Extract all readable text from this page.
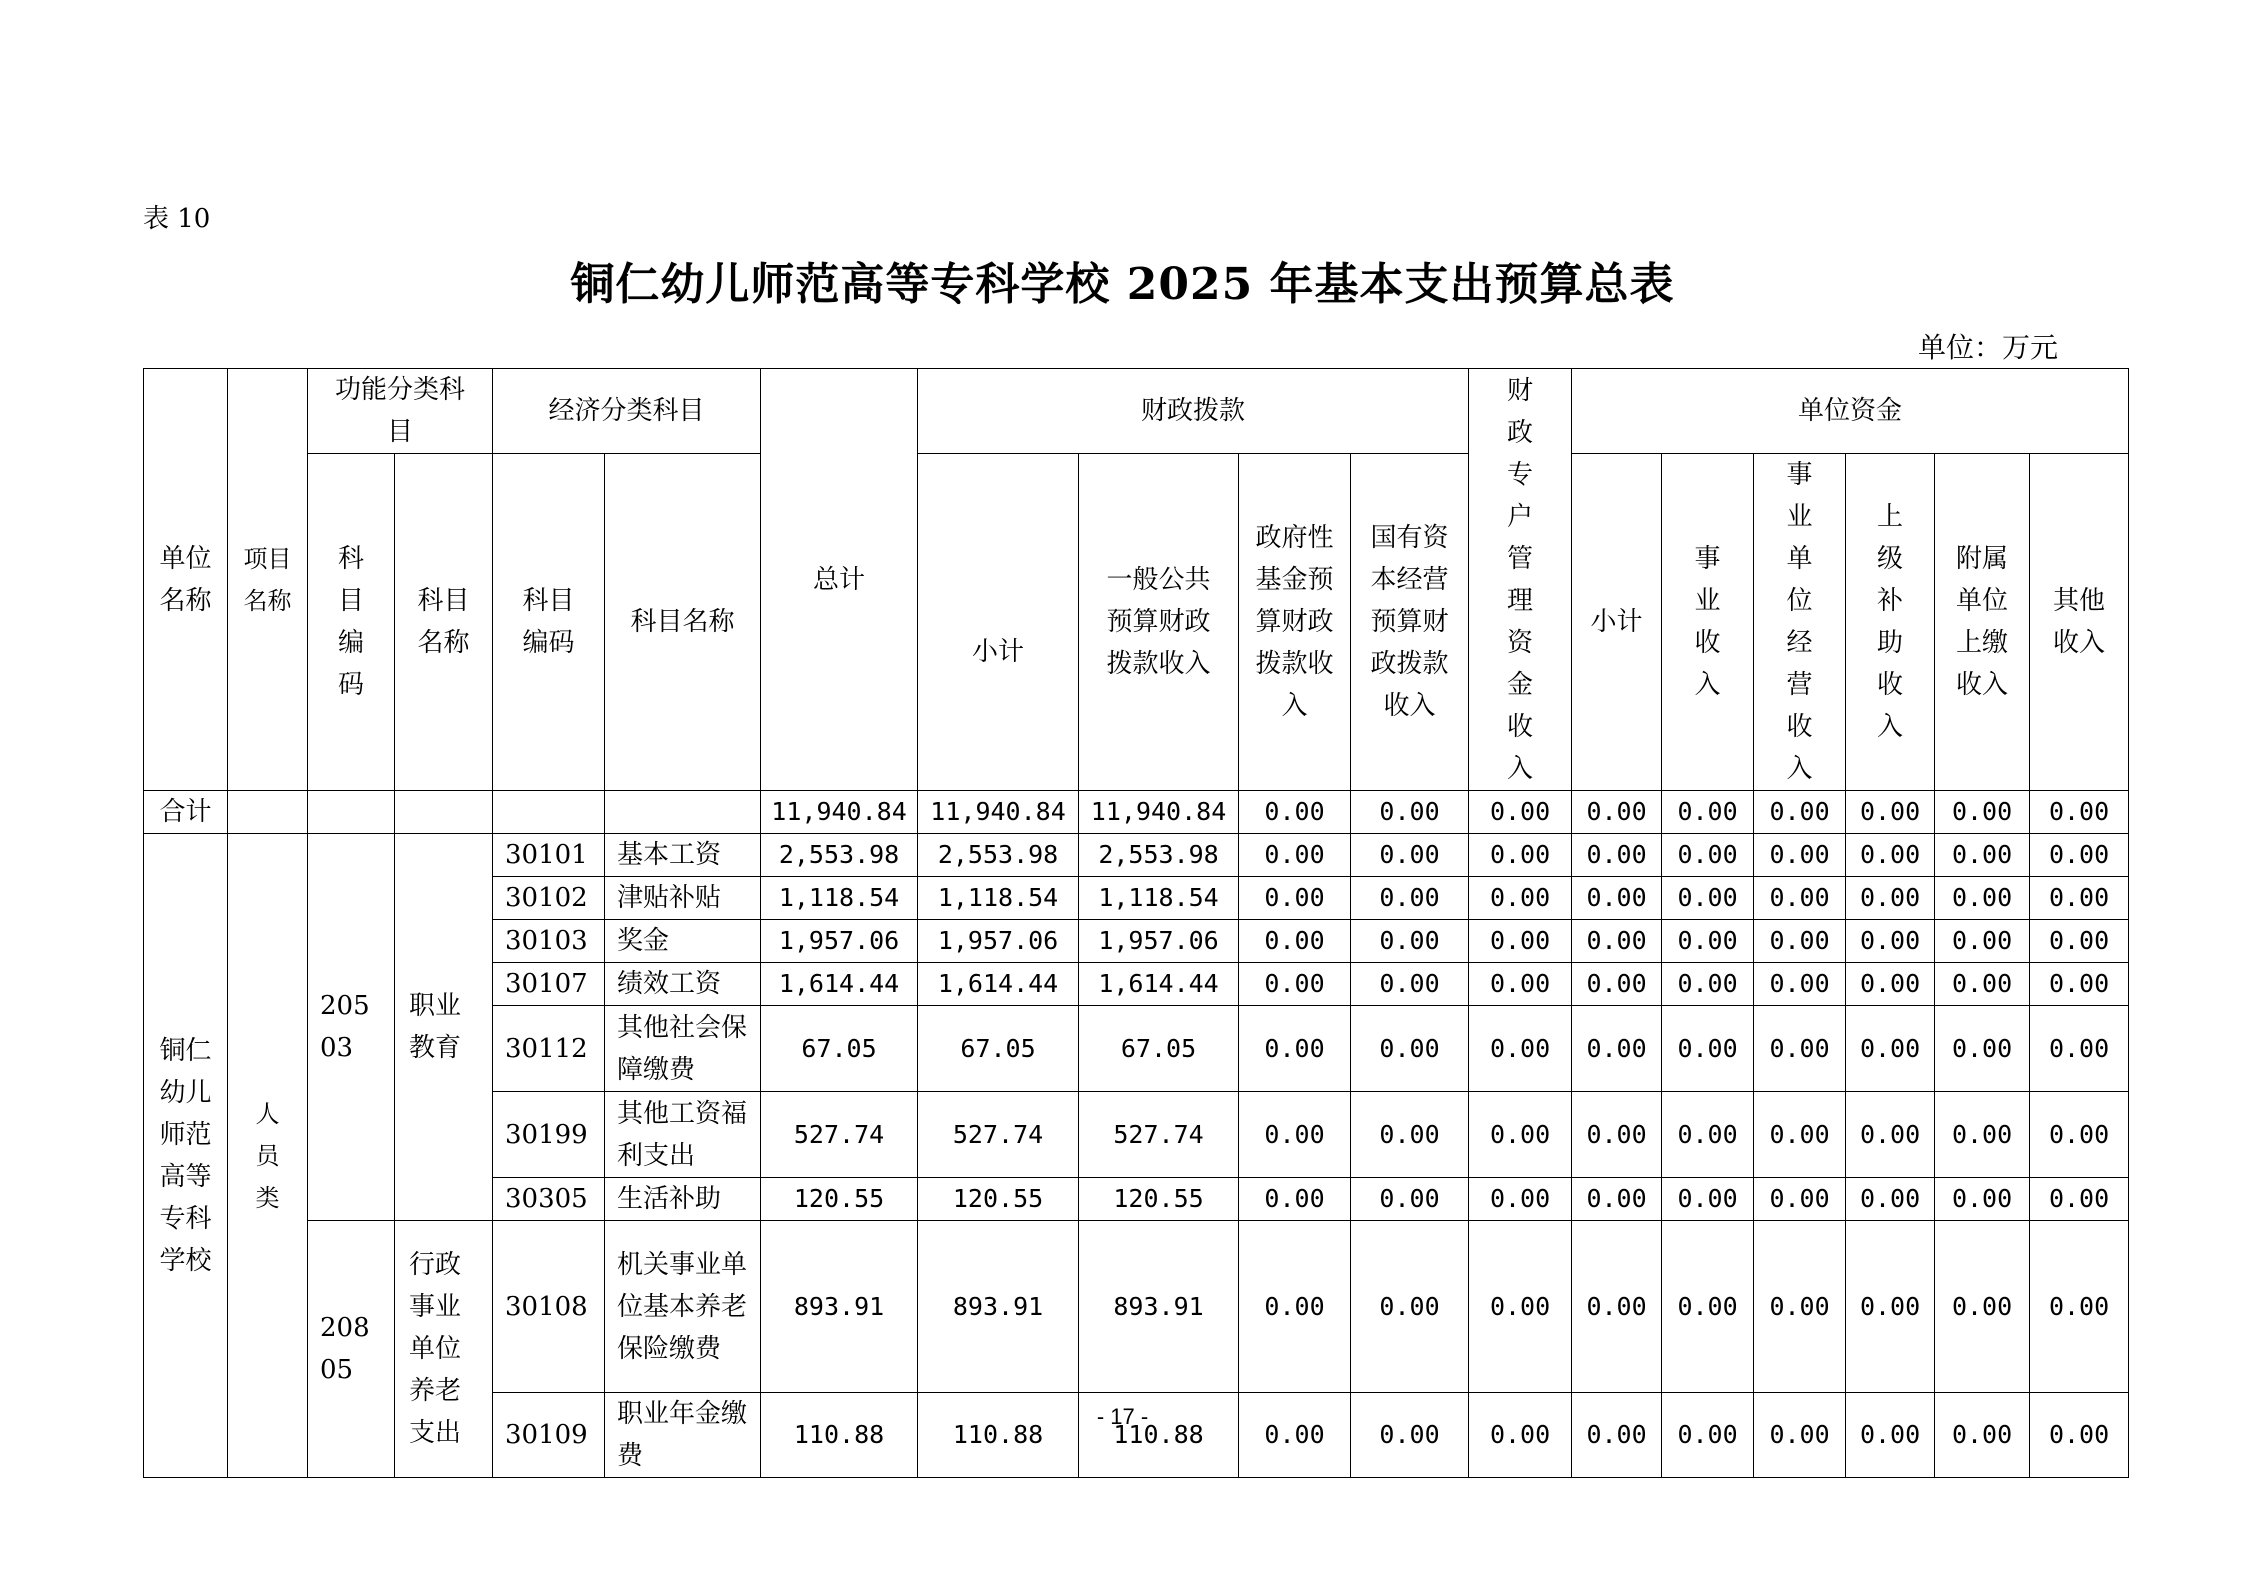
表 10
铜仁幼儿师范高等专科学校 2025 年基本支出预算总表
单位：万元
单位名称	项目名称	功能分类科目		经济分类科目		总计	财政拨款				财政专户管理资金收入	单位资金					
		科目编码	科目名称	科目编码	科目名称		小计	一般公共预算财政拨款收入	政府性基金预算财政拨款收入	国有资本经营预算财政拨款收入		小计	事业收入	事业单位经营收入	上级补助收入	附属单位上缴收入	其他收入
合计						11,940.84	11,940.84	11,940.84	0.00	0.00	0.00	0.00	0.00	0.00	0.00	0.00	0.00
铜仁幼儿师范高等专科学校	人员类	20503	职业教育	30101	基本工资	2,553.98	2,553.98	2,553.98	0.00	0.00	0.00	0.00	0.00	0.00	0.00	0.00	0.00
				30102	津贴补贴	1,118.54	1,118.54	1,118.54	0.00	0.00	0.00	0.00	0.00	0.00	0.00	0.00	0.00
				30103	奖金	1,957.06	1,957.06	1,957.06	0.00	0.00	0.00	0.00	0.00	0.00	0.00	0.00	0.00
				30107	绩效工资	1,614.44	1,614.44	1,614.44	0.00	0.00	0.00	0.00	0.00	0.00	0.00	0.00	0.00
				30112	其他社会保障缴费	67.05	67.05	67.05	0.00	0.00	0.00	0.00	0.00	0.00	0.00	0.00	0.00
				30199	其他工资福利支出	527.74	527.74	527.74	0.00	0.00	0.00	0.00	0.00	0.00	0.00	0.00	0.00
				30305	生活补助	120.55	120.55	120.55	0.00	0.00	0.00	0.00	0.00	0.00	0.00	0.00	0.00
		20805	行政事业单位养老支出	30108	机关事业单位基本养老保险缴费	893.91	893.91	893.91	0.00	0.00	0.00	0.00	0.00	0.00	0.00	0.00	0.00
				30109	职业年金缴费	110.88	110.88	110.88	0.00	0.00	0.00	0.00	0.00	0.00	0.00	0.00	0.00
- 17 -
